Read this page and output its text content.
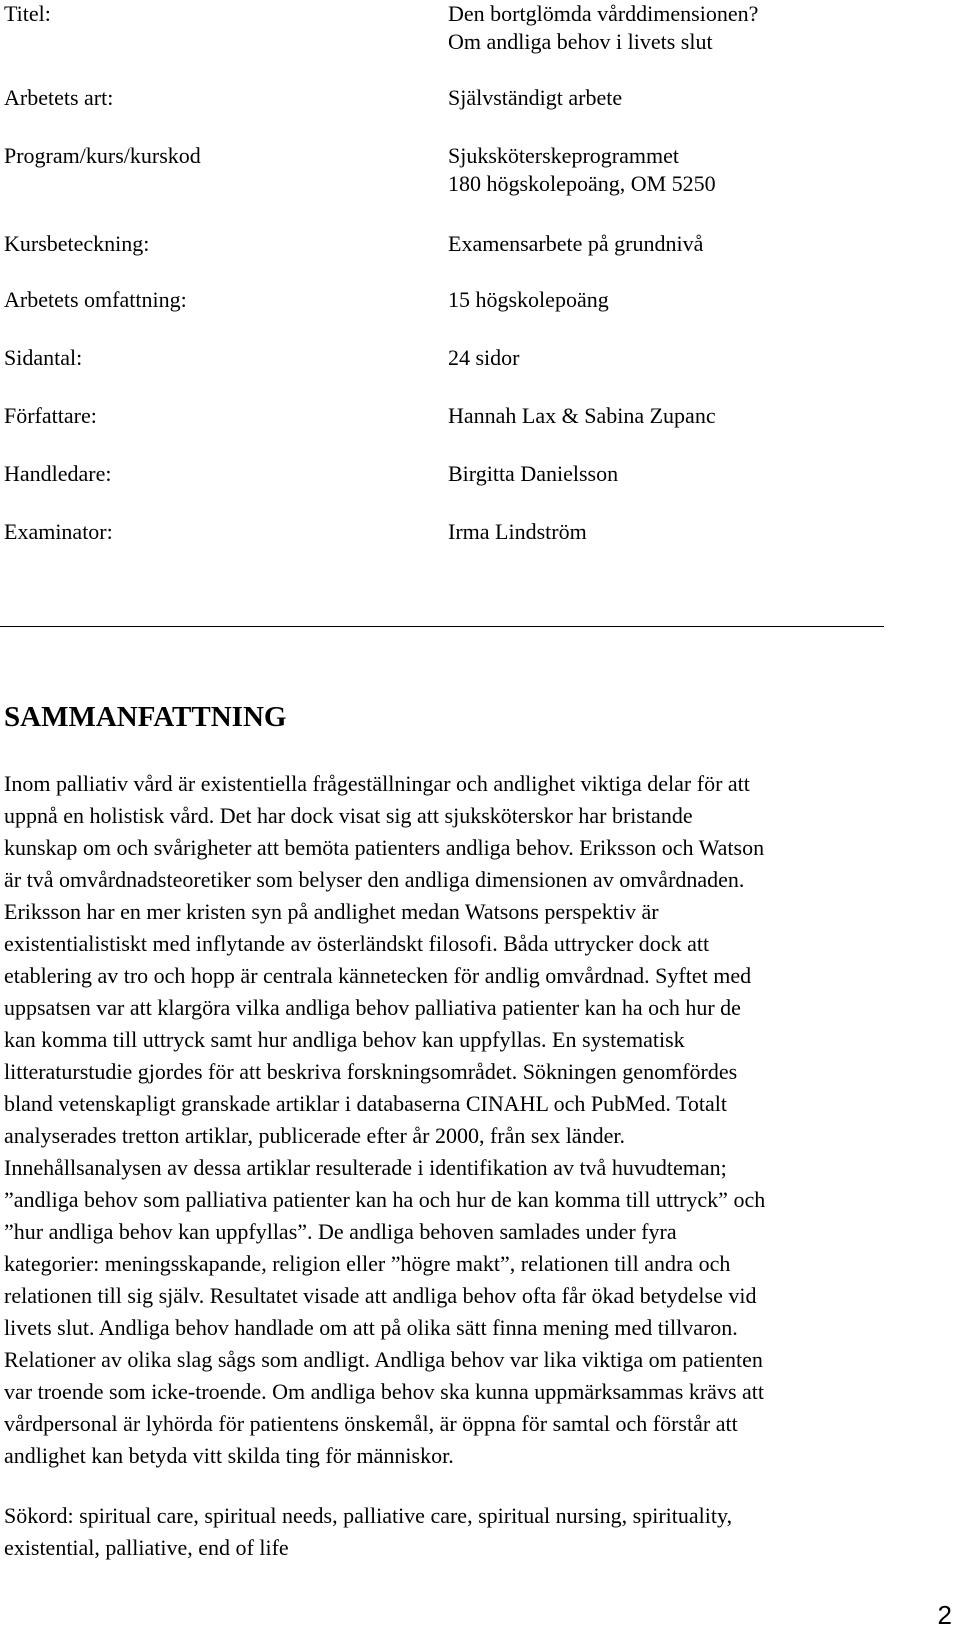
Titel:
Arbetets art:
Program/kurs/kurskod
Kursbeteckning:
Arbetets omfattning:
Sidantal:
Författare:
Handledare:
Examinator:
Den bortglömda vårddimensionen?
Om andliga behov i livets slut
Självständigt arbete
Sjuksköterskeprogrammet
180 högskolepoäng, OM 5250
Examensarbete på grundnivå
15 högskolepoäng
24 sidor
Hannah Lax & Sabina Zupanc
Birgitta Danielsson
Irma Lindström
SAMMANFATTNING

Inom palliativ vård är existentiella frågeställningar och andlighet viktiga delar för att
uppnå en holistisk vård. Det har dock visat sig att sjuksköterskor har bristande
kunskap om och svårigheter att bemöta patienters andliga behov. Eriksson och Watson
är två omvårdnadsteoretiker som belyser den andliga dimensionen av omvårdnaden.
Eriksson har en mer kristen syn på andlighet medan Watsons perspektiv är
existentialistiskt med inflytande av österländskt filosofi. Båda uttrycker dock att
etablering av tro och hopp är centrala kännetecken för andlig omvårdnad. Syftet med
uppsatsen var att klargöra vilka andliga behov palliativa patienter kan ha och hur de
kan komma till uttryck samt hur andliga behov kan uppfyllas. En systematisk
litteraturstudie gjordes för att beskriva forskningsområdet. Sökningen genomfördes
bland vetenskapligt granskade artiklar i databaserna CINAHL och PubMed. Totalt
analyserades tretton artiklar, publicerade efter år 2000, från sex länder.
Innehållsanalysen av dessa artiklar resulterade i identifikation av två huvudteman;
”andliga behov som palliativa patienter kan ha och hur de kan komma till uttryck” och
”hur andliga behov kan uppfyllas”. De andliga behoven samlades under fyra
kategorier: meningsskapande, religion eller ”högre makt”, relationen till andra och
relationen till sig själv. Resultatet visade att andliga behov ofta får ökad betydelse vid
livets slut. Andliga behov handlade om att på olika sätt finna mening med tillvaron.
Relationer av olika slag sågs som andligt. Andliga behov var lika viktiga om patienten
var troende som icke-troende. Om andliga behov ska kunna uppmärksammas krävs att
vårdpersonal är lyhörda för patientens önskemål, är öppna för samtal och förstår att
andlighet kan betyda vitt skilda ting för människor.

Sökord: spiritual care, spiritual needs, palliative care, spiritual nursing, spirituality,
existential, palliative, end of life

2
